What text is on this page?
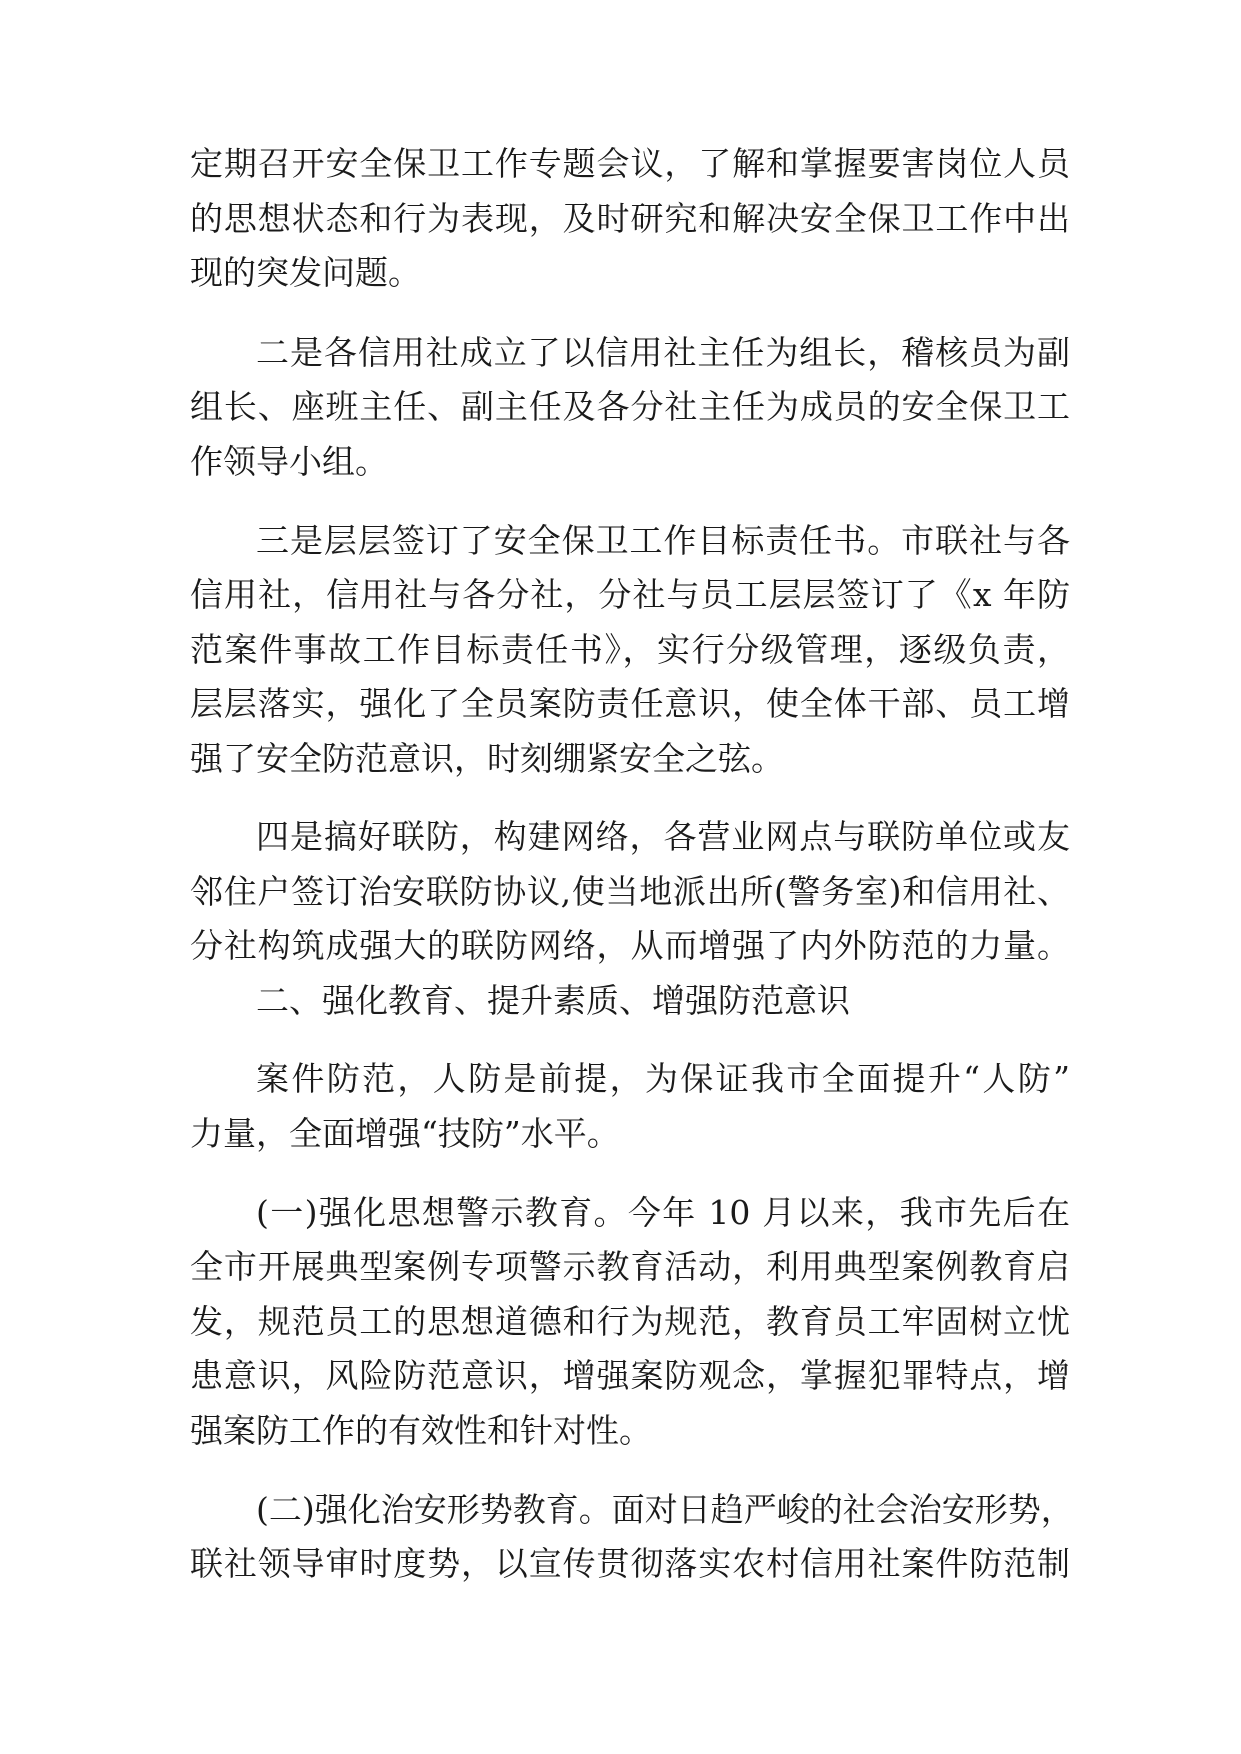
定期召开安全保卫工作专题会议，了解和掌握要害岗位人员

的思想状态和行为表现，及时研究和解决安全保卫工作中出

现的突发问题。

二是各信用社成立了以信用社主任为组长，稽核员为副

组长、座班主任、副主任及各分社主任为成员的安全保卫工

作领导小组。

三是层层签订了安全保卫工作目标责任书。市联社与各

信用社，信用社与各分社，分社与员工层层签订了《x 年防

范案件事故工作目标责任书》，实行分级管理，逐级负责，

层层落实，强化了全员案防责任意识，使全体干部、员工增

强了安全防范意识，时刻绷紧安全之弦。

四是搞好联防，构建网络，各营业网点与联防单位或友

邻住户签订治安联防协议,使当地派出所(警务室)和信用社、

分社构筑成强大的联防网络，从而增强了内外防范的力量。

二、强化教育、提升素质、增强防范意识

案件防范，人防是前提，为保证我市全面提升“人防”

力量，全面增强“技防”水平。

(一)强化思想警示教育。今年 10 月以来，我市先后在

全市开展典型案例专项警示教育活动，利用典型案例教育启

发，规范员工的思想道德和行为规范，教育员工牢固树立忧

患意识，风险防范意识，增强案防观念，掌握犯罪特点，增

强案防工作的有效性和针对性。

(二)强化治安形势教育。面对日趋严峻的社会治安形势，

联社领导审时度势，以宣传贯彻落实农村信用社案件防范制
